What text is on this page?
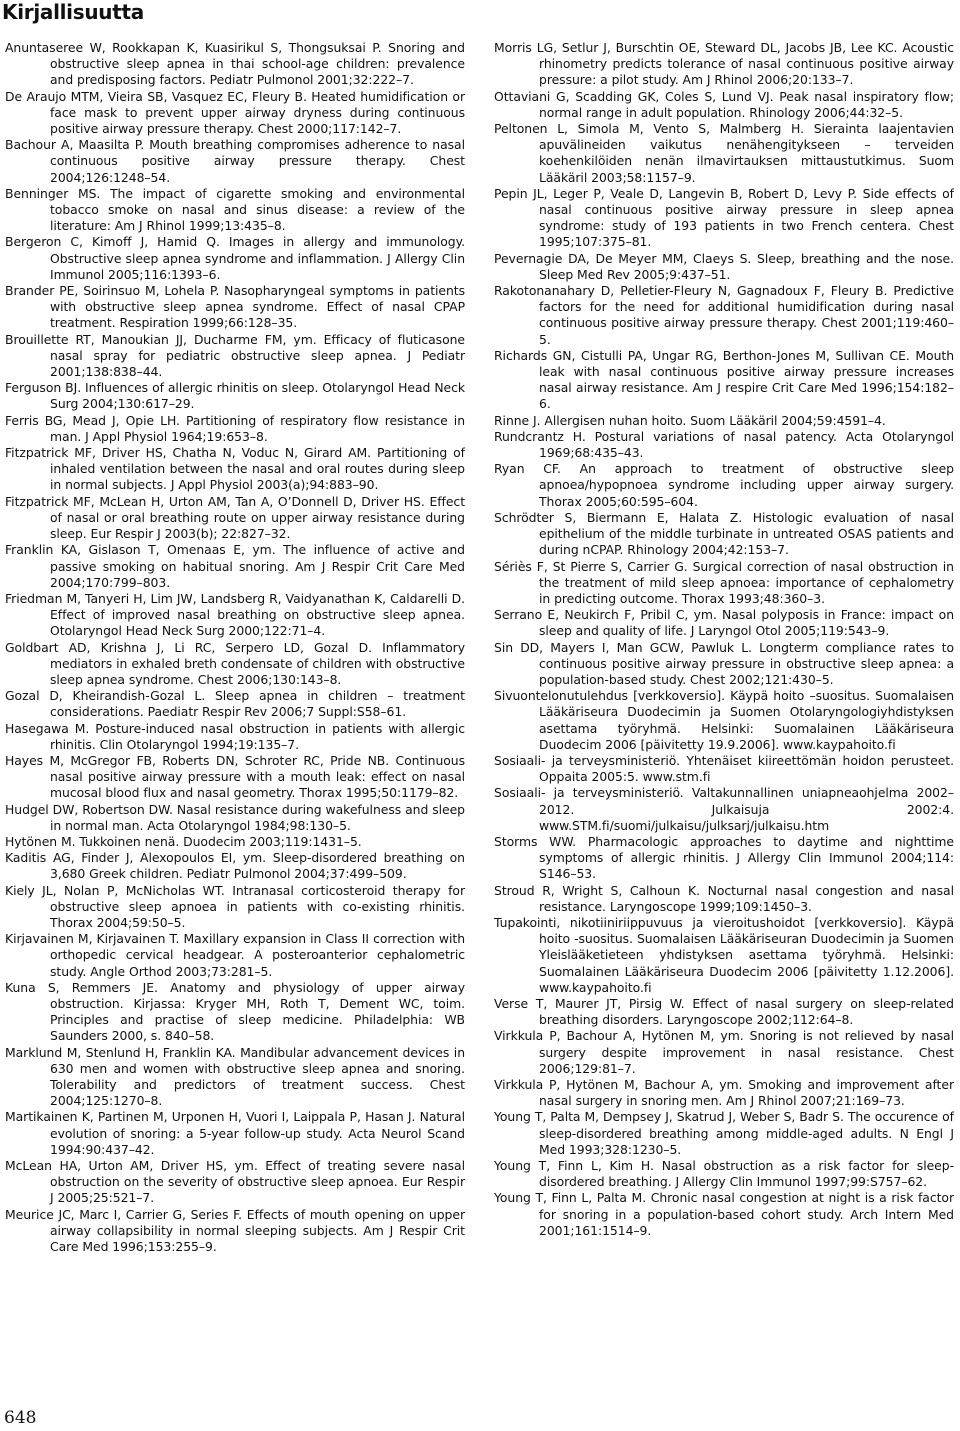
Kirjallisuutta

Anuntaseree W, Rookkapan K, Kuasirikul S, Thongsuksai P. Snoring and obstructive sleep apnea in thai school-age children: prevalence and predisposing factors. Pediatr Pulmonol 2001;32:222–7.

De Araujo MTM, Vieira SB, Vasquez EC, Fleury B. Heated humidification or face mask to prevent upper airway dryness during continuous positive airway pressure therapy. Chest 2000;117:142–7.

Bachour A, Maasilta P. Mouth breathing compromises adherence to nasal continuous positive airway pressure therapy. Chest 2004;126:1248–54.

Benninger MS. The impact of cigarette smoking and environmental tobacco smoke on nasal and sinus disease: a review of the literature: Am J Rhinol 1999;13:435–8.

Bergeron C, Kimoff J, Hamid Q. Images in allergy and immunology. Obstructive sleep apnea syndrome and inflammation. J Allergy Clin Immunol 2005;116:1393–6.

Brander PE, Soirinsuo M, Lohela P. Nasopharyngeal symptoms in patients with obstructive sleep apnea syndrome. Effect of nasal CPAP treatment. Respiration 1999;66:128–35.

Brouillette RT, Manoukian JJ, Ducharme FM, ym. Efficacy of fluticasone nasal spray for pediatric obstructive sleep apnea. J Pediatr 2001;138:838–44.

Ferguson BJ. Influences of allergic rhinitis on sleep. Otolaryngol Head Neck Surg 2004;130:617–29.

Ferris BG, Mead J, Opie LH. Partitioning of respiratory flow resistance in man. J Appl Physiol 1964;19:653–8.

Fitzpatrick MF, Driver HS, Chatha N, Voduc N, Girard AM. Partitioning of inhaled ventilation between the nasal and oral routes during sleep in normal subjects. J Appl Physiol 2003(a);94:883–90.

Fitzpatrick MF, McLean H, Urton AM, Tan A, O’Donnell D, Driver HS. Effect of nasal or oral breathing route on upper airway resistance during sleep. Eur Respir J 2003(b); 22:827–32.

Franklin KA, Gislason T, Omenaas E, ym. The influence of active and passive smoking on habitual snoring. Am J Respir Crit Care Med 2004;170:799–803.

Friedman M, Tanyeri H, Lim JW, Landsberg R, Vaidyanathan K, Caldarelli D. Effect of improved nasal breathing on obstructive sleep apnea. Otolaryngol Head Neck Surg 2000;122:71–4.

Goldbart AD, Krishna J, Li RC, Serpero LD, Gozal D. Inflammatory mediators in exhaled breth condensate of children with obstructive sleep apnea syndrome. Chest 2006;130:143–8.

Gozal D, Kheirandish-Gozal L. Sleep apnea in children – treatment considerations. Paediatr Respir Rev 2006;7 Suppl:S58–61.

Hasegawa M. Posture-induced nasal obstruction in patients with allergic rhinitis. Clin Otolaryngol 1994;19:135–7.

Hayes M, McGregor FB, Roberts DN, Schroter RC, Pride NB. Continuous nasal positive airway pressure with a mouth leak: effect on nasal mucosal blood flux and nasal geometry. Thorax 1995;50:1179–82.

Hudgel DW, Robertson DW. Nasal resistance during wakefulness and sleep in normal man. Acta Otolaryngol 1984;98:130–5.

Hytönen M. Tukkoinen nenä. Duodecim 2003;119:1431–5.

Kaditis AG, Finder J, Alexopoulos EI, ym. Sleep-disordered breathing on 3,680 Greek children. Pediatr Pulmonol 2004;37:499–509.

Kiely JL, Nolan P, McNicholas WT. Intranasal corticosteroid therapy for obstructive sleep apnoea in patients with co-existing rhinitis. Thorax 2004;59:50–5.

Kirjavainen M, Kirjavainen T. Maxillary expansion in Class II correction with orthopedic cervical headgear. A posteroanterior cephalometric study. Angle Orthod 2003;73:281–5.

Kuna S, Remmers JE. Anatomy and physiology of upper airway obstruction. Kirjassa: Kryger MH, Roth T, Dement WC, toim. Principles and practise of sleep medicine. Philadelphia: WB Saunders 2000, s. 840–58.

Marklund M, Stenlund H, Franklin KA. Mandibular advancement devices in 630 men and women with obstructive sleep apnea and snoring. Tolerability and predictors of treatment success. Chest 2004;125:1270–8.

Martikainen K, Partinen M, Urponen H, Vuori I, Laippala P, Hasan J. Natural evolution of snoring: a 5-year follow-up study. Acta Neurol Scand 1994:90:437–42.

McLean HA, Urton AM, Driver HS, ym. Effect of treating severe nasal obstruction on the severity of obstructive sleep apnoea. Eur Respir J 2005;25:521–7.

Meurice JC, Marc I, Carrier G, Series F. Effects of mouth opening on upper airway collapsibility in normal sleeping subjects. Am J Respir Crit Care Med 1996;153:255–9.

Morris LG, Setlur J, Burschtin OE, Steward DL, Jacobs JB, Lee KC. Acoustic rhinometry predicts tolerance of nasal continuous positive airway pressure: a pilot study. Am J Rhinol 2006;20:133–7.

Ottaviani G, Scadding GK, Coles S, Lund VJ. Peak nasal inspiratory flow; normal range in adult population. Rhinology 2006;44:32–5.

Peltonen L, Simola M, Vento S, Malmberg H. Sierainta laajentavien apuvälineiden vaikutus nenähengitykseen – terveiden koehenkilöiden nenän ilmavirtauksen mittaustutkimus. Suom Lääkäril 2003;58:1157–9.

Pepin JL, Leger P, Veale D, Langevin B, Robert D, Levy P. Side effects of nasal continuous positive airway pressure in sleep apnea syndrome: study of 193 patients in two French centera. Chest 1995;107:375–81.

Pevernagie DA, De Meyer MM, Claeys S. Sleep, breathing and the nose. Sleep Med Rev 2005;9:437–51.

Rakotonanahary D, Pelletier-Fleury N, Gagnadoux F, Fleury B. Predictive factors for the need for additional humidification during nasal continuous positive airway pressure therapy. Chest 2001;119:460–5.

Richards GN, Cistulli PA, Ungar RG, Berthon-Jones M, Sullivan CE. Mouth leak with nasal continuous positive airway pressure increases nasal airway resistance. Am J respire Crit Care Med 1996;154:182–6.

Rinne J. Allergisen nuhan hoito. Suom Lääkäril 2004;59:4591–4.

Rundcrantz H. Postural variations of nasal patency. Acta Otolaryngol 1969;68:435–43.

Ryan CF. An approach to treatment of obstructive sleep apnoea/hypopnoea syndrome including upper airway surgery. Thorax 2005;60:595–604.

Schrödter S, Biermann E, Halata Z. Histologic evaluation of nasal epithelium of the middle turbinate in untreated OSAS patients and during nCPAP. Rhinology 2004;42:153–7.

Sériès F, St Pierre S, Carrier G. Surgical correction of nasal obstruction in the treatment of mild sleep apnoea: importance of cephalometry in predicting outcome. Thorax 1993;48:360–3.

Serrano E, Neukirch F, Pribil C, ym. Nasal polyposis in France: impact on sleep and quality of life. J Laryngol Otol 2005;119:543–9.

Sin DD, Mayers I, Man GCW, Pawluk L. Longterm compliance rates to continuous positive airway pressure in obstructive sleep apnea: a population-based study. Chest 2002;121:430–5.

Sivuontelonutulehdus [verkkoversio]. Käypä hoito –suositus. Suomalaisen Lääkäriseura Duodecimin ja Suomen Otolaryngologiyhdistyksen asettama työryhmä. Helsinki: Suomalainen Lääkäriseura Duodecim 2006 [päivitetty 19.9.2006]. www.kaypahoito.fi

Sosiaali- ja terveysministeriö. Yhtenäiset kiireettömän hoidon perusteet. Oppaita 2005:5. www.stm.fi

Sosiaali- ja terveysministeriö. Valtakunnallinen uniapneaohjelma 2002–2012. Julkaisuja 2002:4. www.STM.fi/suomi/julkaisu/julksarj/julkaisu.htm

Storms WW. Pharmacologic approaches to daytime and nighttime symptoms of allergic rhinitis. J Allergy Clin Immunol 2004;114: S146–53.

Stroud R, Wright S, Calhoun K. Nocturnal nasal congestion and nasal resistance. Laryngoscope 1999;109:1450–3.

Tupakointi, nikotiiniriippuvuus ja vieroitushoidot [verkkoversio]. Käypä hoito -suositus. Suomalaisen Lääkäriseuran Duodecimin ja Suomen Yleislääketieteen yhdistyksen asettama työryhmä. Helsinki: Suomalainen Lääkäriseura Duodecim 2006 [päivitetty 1.12.2006]. www.kaypahoito.fi

Verse T, Maurer JT, Pirsig W. Effect of nasal surgery on sleep-related breathing disorders. Laryngoscope 2002;112:64–8.

Virkkula P, Bachour A, Hytönen M, ym. Snoring is not relieved by nasal surgery despite improvement in nasal resistance. Chest 2006;129:81–7.

Virkkula P, Hytönen M, Bachour A, ym. Smoking and improvement after nasal surgery in snoring men. Am J Rhinol 2007;21:169–73.

Young T, Palta M, Dempsey J, Skatrud J, Weber S, Badr S. The occurence of sleep-disordered breathing among middle-aged adults. N Engl J Med 1993;328:1230–5.

Young T, Finn L, Kim H. Nasal obstruction as a risk factor for sleep-disordered breathing. J Allergy Clin Immunol 1997;99:S757–62.

Young T, Finn L, Palta M. Chronic nasal congestion at night is a risk factor for snoring in a population-based cohort study. Arch Intern Med 2001;161:1514–9.

648
